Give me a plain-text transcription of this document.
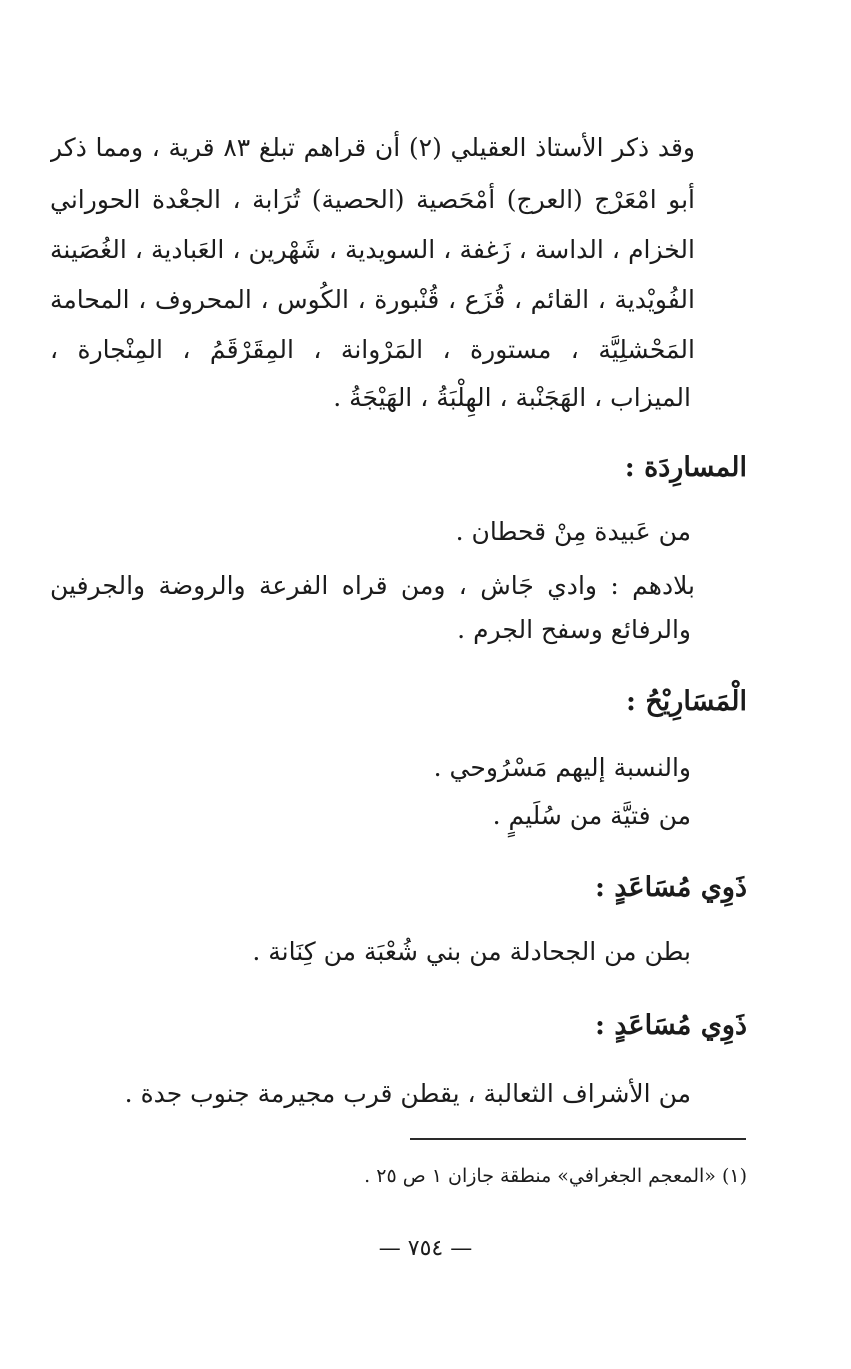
وقد ذكر الأستاذ العقيلي (٢) أن قراهم تبلغ ٨٣ قرية ، ومما ذكر
أبو امْعَرْج (العرج) أمْحَصية (الحصية) تُرَابة ، الجعْدة الحوراني
الخزام ، الداسة ، زَغفة ، السويدية ، شَهْرين ، العَبادية ، الغُصَينة
الفُويْدية ، القائم ، قُزَع ، قُنْبورة ، الكُوس ، المحروف ، المحامة
المَحْشلِيَّة ، مستورة ، المَرْوانة ، المِقَرْقَمُ ، المِنْجارة ،
الميزاب ، الهَجَنْبة ، الهِلْبَةُ ، الهَيْجَةُ .
المسارِدَة :
من عَبيدة مِنْ قحطان .
بلادهم : وادي جَاش ، ومن قراه الفرعة والروضة والجرفين
والرفائع وسفح الجرم .
الْمَسَارِيْحُ :
والنسبة إليهم مَسْرُوحي .
من فتيَّة من سُلَيمٍ .
ذَوِي مُسَاعَدٍ :
بطن من الجحادلة من بني شُعْبَة من كِنَانة .
ذَوِي مُسَاعَدٍ :
من الأشراف الثعالبة ، يقطن قرب مجيرمة جنوب جدة .
(١) «المعجم الجغرافي» منطقة جازان ١ ص ٢٥ .
— ٧٥٤ —
